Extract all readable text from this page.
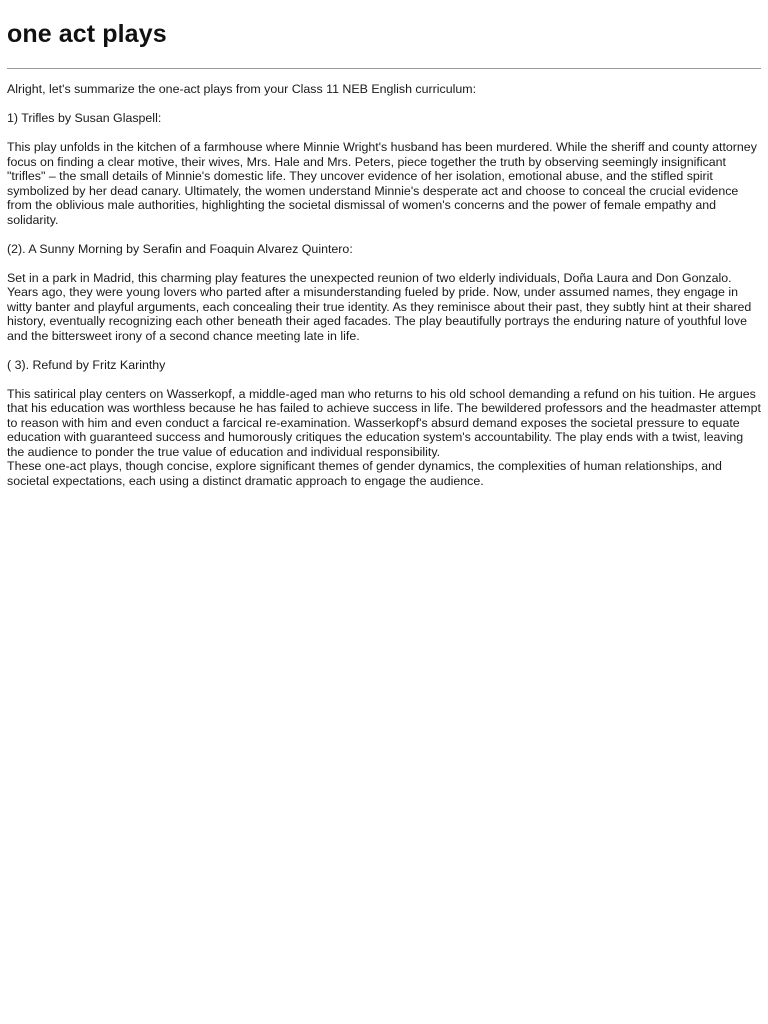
one act plays

Alright, let's summarize the one-act plays from your Class 11 NEB English curriculum:

1) Trifles by Susan Glaspell:

This play unfolds in the kitchen of a farmhouse where Minnie Wright's husband has been murdered. While the sheriff and county attorney focus on finding a clear motive, their wives, Mrs. Hale and Mrs. Peters, piece together the truth by observing seemingly insignificant "trifles" – the small details of Minnie's domestic life. They uncover evidence of her isolation, emotional abuse, and the stifled spirit symbolized by her dead canary. Ultimately, the women understand Minnie's desperate act and choose to conceal the crucial evidence from the oblivious male authorities, highlighting the societal dismissal of women's concerns and the power of female empathy and solidarity.

(2). A Sunny Morning by Serafin and Foaquin Alvarez Quintero:

Set in a park in Madrid, this charming play features the unexpected reunion of two elderly individuals, Doña Laura and Don Gonzalo. Years ago, they were young lovers who parted after a misunderstanding fueled by pride. Now, under assumed names, they engage in witty banter and playful arguments, each concealing their true identity. As they reminisce about their past, they subtly hint at their shared history, eventually recognizing each other beneath their aged facades. The play beautifully portrays the enduring nature of youthful love and the bittersweet irony of a second chance meeting late in life.

( 3). Refund by Fritz Karinthy

This satirical play centers on Wasserkopf, a middle-aged man who returns to his old school demanding a refund on his tuition. He argues that his education was worthless because he has failed to achieve success in life. The bewildered professors and the headmaster attempt to reason with him and even conduct a farcical re-examination. Wasserkopf's absurd demand exposes the societal pressure to equate education with guaranteed success and humorously critiques the education system's accountability. The play ends with a twist, leaving the audience to ponder the true value of education and individual responsibility.

These one-act plays, though concise, explore significant themes of gender dynamics, the complexities of human relationships, and societal expectations, each using a distinct dramatic approach to engage the audience.
